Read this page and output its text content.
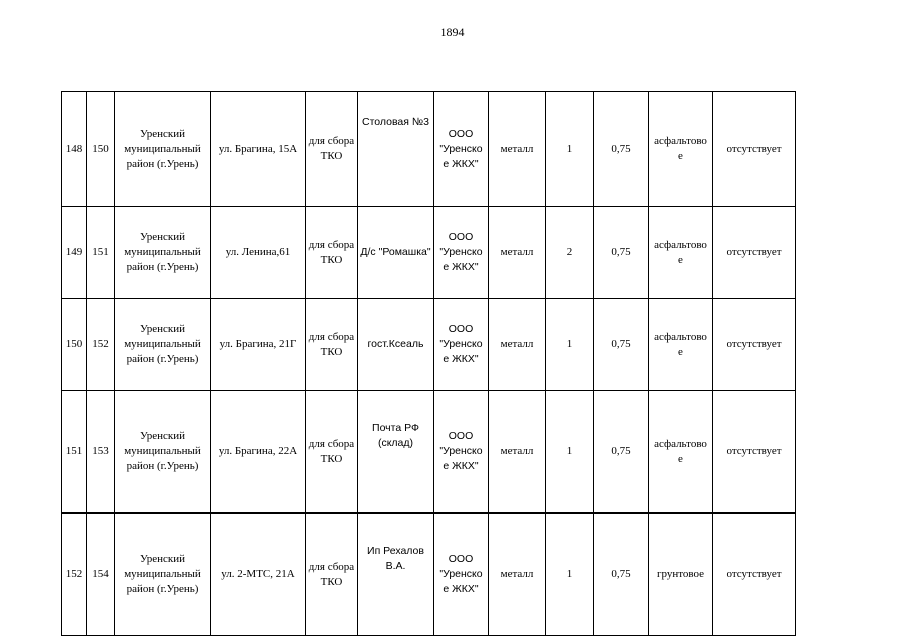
1894
148	150	Уренский муниципальный район (г.Урень)	ул. Брагина, 15А	для сбора ТКО	Столовая №3	ООО "Уренско е ЖКХ"	металл	1	0,75	асфальтово е	отсутствует
149	151	Уренский муниципальный район (г.Урень)	ул. Ленина,61	для сбора ТКО	Д/с "Ромашка"	ООО "Уренско е ЖКХ"	металл	2	0,75	асфальтово е	отсутствует
150	152	Уренский муниципальный район (г.Урень)	ул. Брагина, 21Г	для сбора ТКО	гост.Ксеаль	ООО "Уренско е ЖКХ"	металл	1	0,75	асфальтово е	отсутствует
151	153	Уренский муниципальный район (г.Урень)	ул. Брагина, 22А	для сбора ТКО	Почта РФ (склад)	ООО "Уренско е ЖКХ"	металл	1	0,75	асфальтово е	отсутствует
152	154	Уренский муниципальный район (г.Урень)	ул. 2-МТС, 21А	для сбора ТКО	Ип Рехалов В.А.	ООО "Уренско е ЖКХ"	металл	1	0,75	грунтовое	отсутствует
